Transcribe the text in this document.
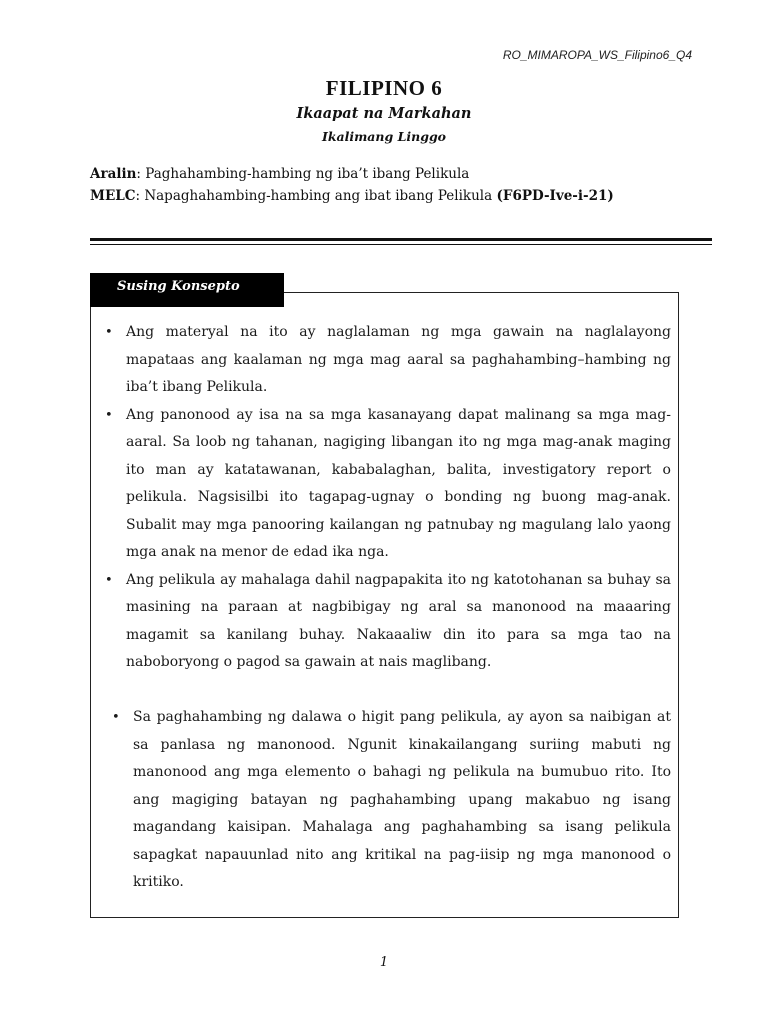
RO_MIMAROPA_WS_Filipino6_Q4
FILIPINO 6
Ikaapat na Markahan
Ikalimang Linggo
Aralin: Paghahambing-hambing ng iba’t ibang Pelikula
MELC: Napaghahambing-hambing ang ibat ibang Pelikula (F6PD-Ive-i-21)
Susing Konsepto
• Ang materyal na ito ay naglalaman ng mga gawain na naglalayong mapataas ang kaalaman ng mga mag aaral sa paghahambing–hambing ng iba’t ibang Pelikula.
• Ang panonood ay isa na sa mga kasanayang dapat malinang sa mga mag-aaral. Sa loob ng tahanan, nagiging libangan ito ng mga mag-anak maging ito man ay katatawanan, kababalaghan, balita, investigatory report o pelikula. Nagsisilbi ito tagapag-ugnay o bonding ng buong mag-anak. Subalit may mga panooring kailangan ng patnubay ng magulang lalo yaong mga anak na menor de edad ika nga.
• Ang pelikula ay mahalaga dahil nagpapakita ito ng katotohanan sa buhay sa masining na paraan at nagbibigay ng aral sa manonood na maaaring magamit sa kanilang buhay. Nakaaaliw din ito para sa mga tao na naboboryong o pagod sa gawain at nais maglibang.
• Sa paghahambing ng dalawa o higit pang pelikula, ay ayon sa naibigan at sa panlasa ng manonood. Ngunit kinakailangang suriing mabuti ng manonood ang mga elemento o bahagi ng pelikula na bumubuo rito. Ito ang magiging batayan ng paghahambing upang makabuo ng isang magandang kaisipan. Mahalaga ang paghahambing sa isang pelikula sapagkat napauunlad nito ang kritikal na pag-iisip ng mga manonood o kritiko.
1
